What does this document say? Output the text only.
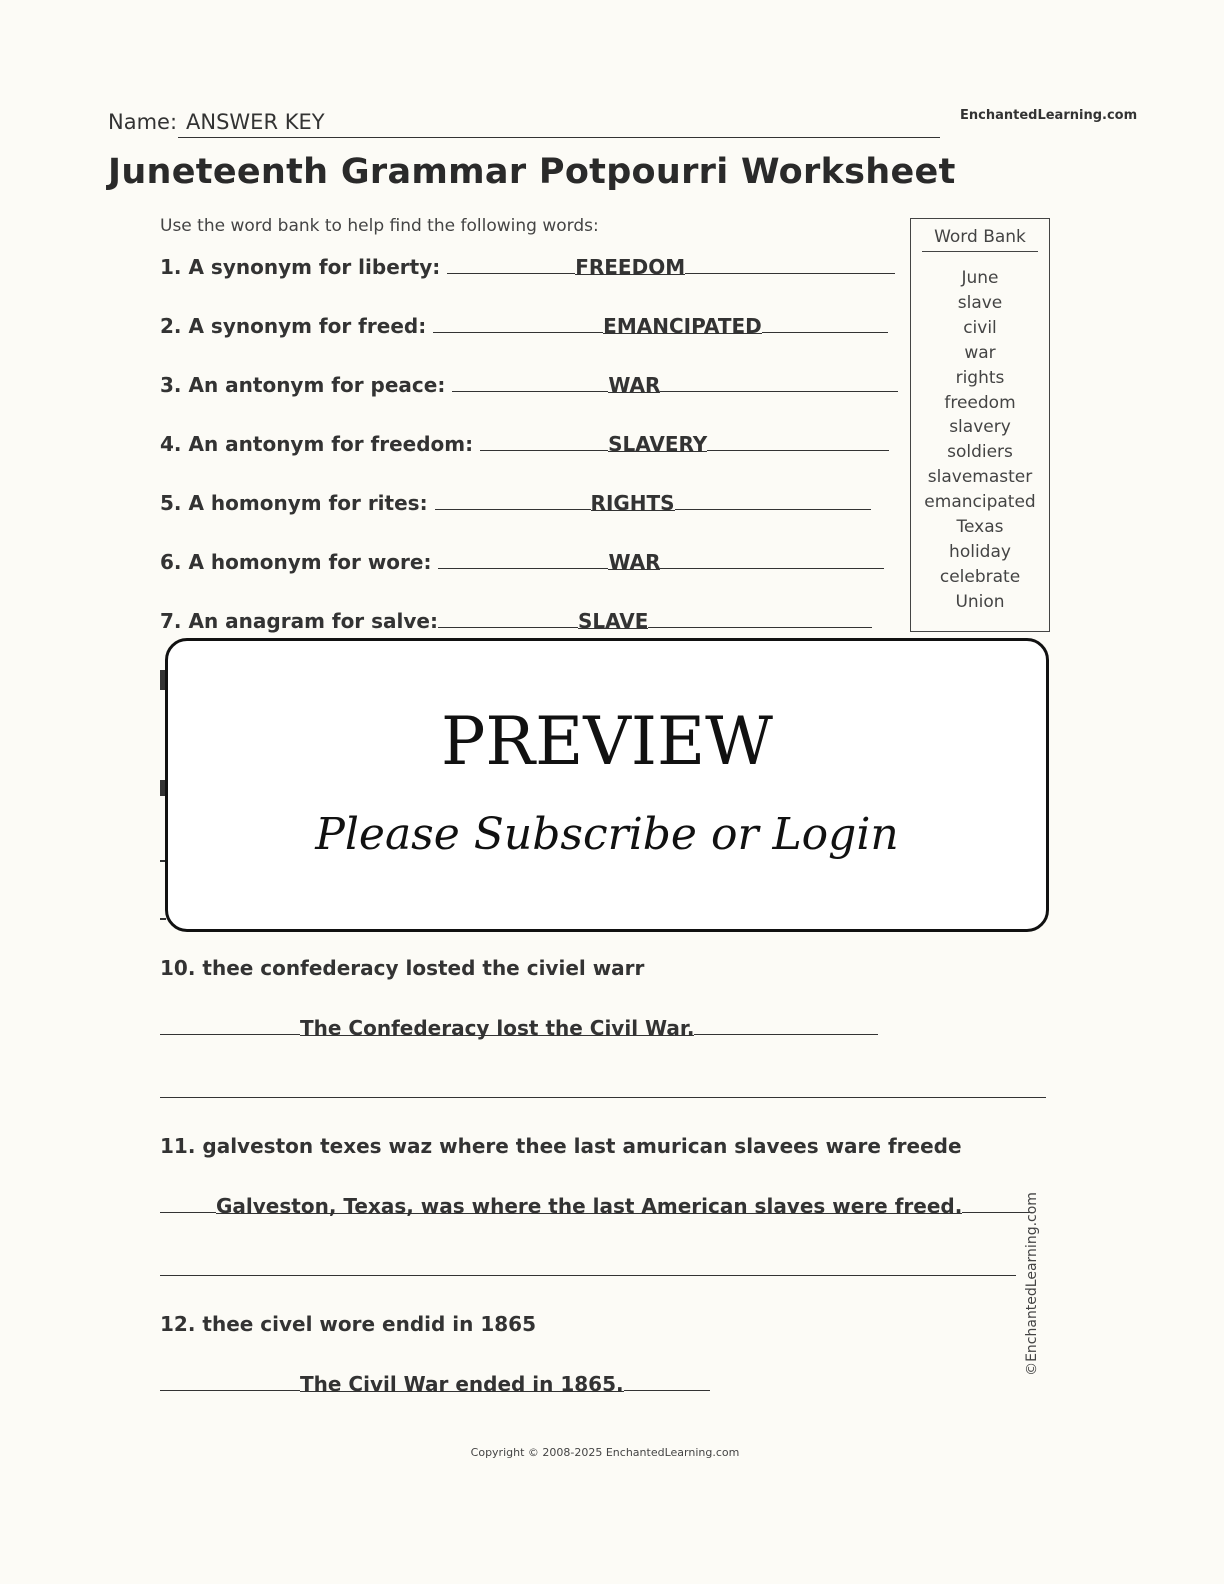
Name: ANSWER KEY	EnchantedLearning.com
Juneteenth Grammar Potpourri Worksheet
Use the word bank to help find the following words:
1. A synonym for liberty:	FREEDOM
2. A synonym for freed:	EMANCIPATED
3. An antonym for peace:	WAR
4. An antonym for freedom:	SLAVERY
5. A homonym for rites:	RIGHTS
6. A homonym for wore:	WAR
7. An anagram for salve:	SLAVE
Word Bank
June
slave
civil
war
rights
freedom
slavery
soldiers
slavemaster
emancipated
Texas
holiday
celebrate
Union
PREVIEW
Please Subscribe or Login
10. thee confederacy losted the civiel warr
The Confederacy lost the Civil War.
11. galveston texes waz where thee last amurican slavees ware freede
Galveston, Texas, was where the last American slaves were freed.
12. thee civel wore endid in 1865
The Civil War ended in 1865.
©EnchantedLearning.com
Copyright © 2008-2025 EnchantedLearning.com
